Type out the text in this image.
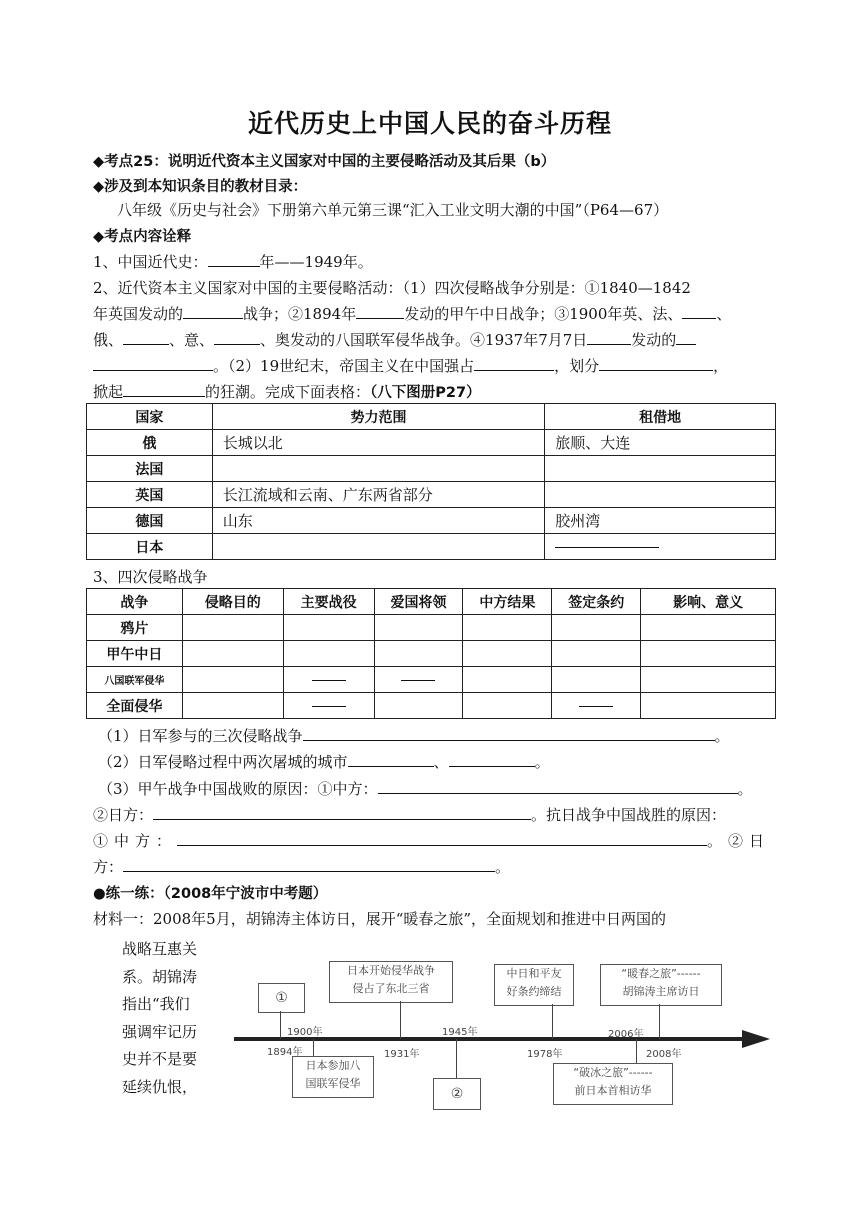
近代历史上中国人民的奋斗历程
◆考点25：说明近代资本主义国家对中国的主要侵略活动及其后果（b）
◆涉及到本知识条目的教材目录：
八年级《历史与社会》下册第六单元第三课“汇入工业文明大潮的中国”（P64—67）
◆考点内容诠释
1、中国近代史：	年——1949年。
2、近代资本主义国家对中国的主要侵略活动：（1）四次侵略战争分别是：①1840—1842
年英国发动的	战争；②1894年	发动的甲午中日战争；③1900年英、法、 、
俄、	、意、	、奥发动的八国联军侵华战争。④1937年7月7日	发动的
。（2）19世纪末，帝国主义在中国强占	，划分	，
掀起	的狂潮。完成下面表格：（八下图册P27）
国家	势力范围	租借地
俄	长城以北	旅顺、大连
法国		
英国	长江流域和云南、广东两省部分	
德国	山东	胶州湾
日本		
3、四次侵略战争
战争	侵略目的	主要战役	爱国将领	中方结果	签定条约	影响、意义
鸦片						
甲午中日						
八国联军侵华						
全面侵华						
（1）日军参与的三次侵略战争	。
（2）日军侵略过程中两次屠城的城市	、	。
（3）甲午战争中国战败的原因：①中方：	。
②日方：	。抗日战争中国战胜的原因：
①中方：	。②日
方：	。
●练一练：（2008年宁波市中考题）
材料一：2008年5月，胡锦涛主体访日，展开“暖春之旅”，全面规划和推进中日两国的
战略互惠关
系。胡锦涛
指出“我们
强调牢记历
史并不是要
延续仇恨，
①
日本开始侵华战争
侵占了东北三省
中日和平友
好条约缔结
“暖春之旅”------
胡锦涛主席访日
日本参加八
国联军侵华
②
“破冰之旅”------
前日本首相访华
1900年
1894年	1931年
1945年
1978年
2006年
2008年
